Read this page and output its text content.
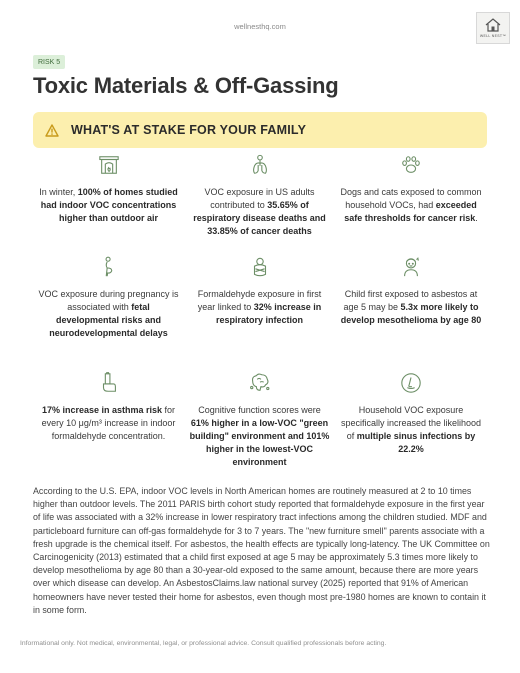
wellnesthq.com
WELL NEST™
RISK 5
Toxic Materials & Off-Gassing
WHAT'S AT STAKE FOR YOUR FAMILY

In winter, 100% of homes studied had indoor VOC concentrations higher than outdoor air

VOC exposure in US adults contributed to 35.65% of respiratory disease deaths and 33.85% of cancer deaths

Dogs and cats exposed to common household VOCs, had exceeded safe thresholds for cancer risk.

VOC exposure during pregnancy is associated with fetal developmental risks and neurodevelopmental delays

Formaldehyde exposure in first year linked to 32% increase in respiratory infection

Child first exposed to asbestos at age 5 may be 5.3x more likely to develop mesothelioma by age 80

17% increase in asthma risk for every 10 μg/m³ increase in indoor formaldehyde concentration.

Cognitive function scores were 61% higher in a low-VOC "green building" environment and 101% higher in the lowest-VOC environment

Household VOC exposure specifically increased the likelihood of multiple sinus infections by 22.2%

According to the U.S. EPA, indoor VOC levels in North American homes are routinely measured at 2 to 10 times higher than outdoor levels. The 2011 PARIS birth cohort study reported that formaldehyde exposure in the first year of life was associated with a 32% increase in lower respiratory tract infections among the children studied. MDF and particleboard furniture can off-gas formaldehyde for 3 to 7 years. The "new furniture smell" parents associate with a fresh upgrade is the chemical itself. For asbestos, the health effects are typically long-latency. The UK Committee on Carcinogenicity (2013) estimated that a child first exposed at age 5 may be approximately 5.3 times more likely to develop mesothelioma by age 80 than a 30-year-old exposed to the same amount, because there are more years over which disease can develop. An AsbestosClaims.law national survey (2025) reported that 91% of American homeowners have never tested their home for asbestos, even though most pre-1980 homes are known to contain it in some form.

Informational only. Not medical, environmental, legal, or professional advice. Consult qualified professionals before acting.
